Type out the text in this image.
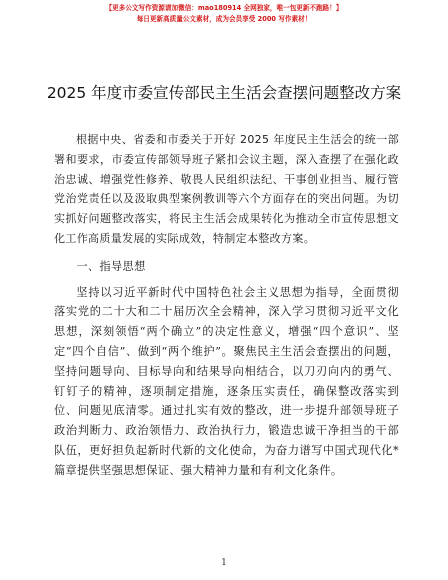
【更多公文写作资源请加微信：mao180914 全网独家，唯一包更新不跑路！】
每日更新高质量公文素材，成为会员享受 2000 写作素材！
2025 年度市委宣传部民主生活会查摆问题整改方案

根据中央、省委和市委关于开好 2025 年度民主生活会的统一部署和要求，市委宣传部领导班子紧扣会议主题，深入查摆了在强化政治忠诚、增强党性修养、敬畏人民组织法纪、干事创业担当、履行管党治党责任以及汲取典型案例教训等六个方面存在的突出问题。为切实抓好问题整改落实，将民主生活会成果转化为推动全市宣传思想文化工作高质量发展的实际成效，特制定本整改方案。

一、指导思想

坚持以习近平新时代中国特色社会主义思想为指导，全面贯彻落实党的二十大和二十届历次全会精神，深入学习贯彻习近平文化思想，深刻领悟“两个确立”的决定性意义，增强“四个意识”、坚定“四个自信”、做到“两个维护”。聚焦民主生活会查摆出的问题，坚持问题导向、目标导向和结果导向相结合，以刀刃向内的勇气、钉钉子的精神，逐项制定措施，逐条压实责任，确保整改落实到位、问题见底清零。通过扎实有效的整改，进一步提升部领导班子政治判断力、政治领悟力、政治执行力，锻造忠诚干净担当的干部队伍，更好担负起新时代新的文化使命，为奋力谱写中国式现代化*篇章提供坚强思想保证、强大精神力量和有利文化条件。

1
